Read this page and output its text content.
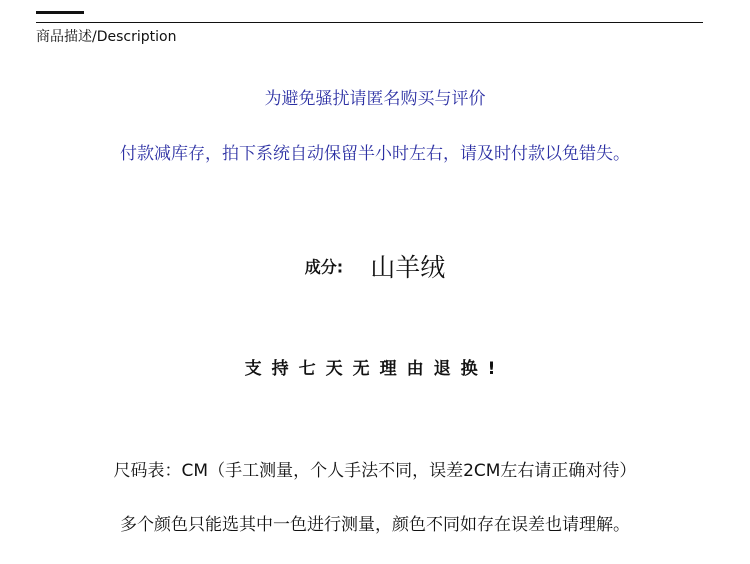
商品描述/Description
为避免骚扰请匿名购买与评价
付款减库存，拍下系统自动保留半小时左右，请及时付款以免错失。
成分: 山羊绒
支持七天无理由退换!
尺码表：CM（手工测量，个人手法不同，误差2CM左右请正确对待）
多个颜色只能选其中一色进行测量，颜色不同如存在误差也请理解。
